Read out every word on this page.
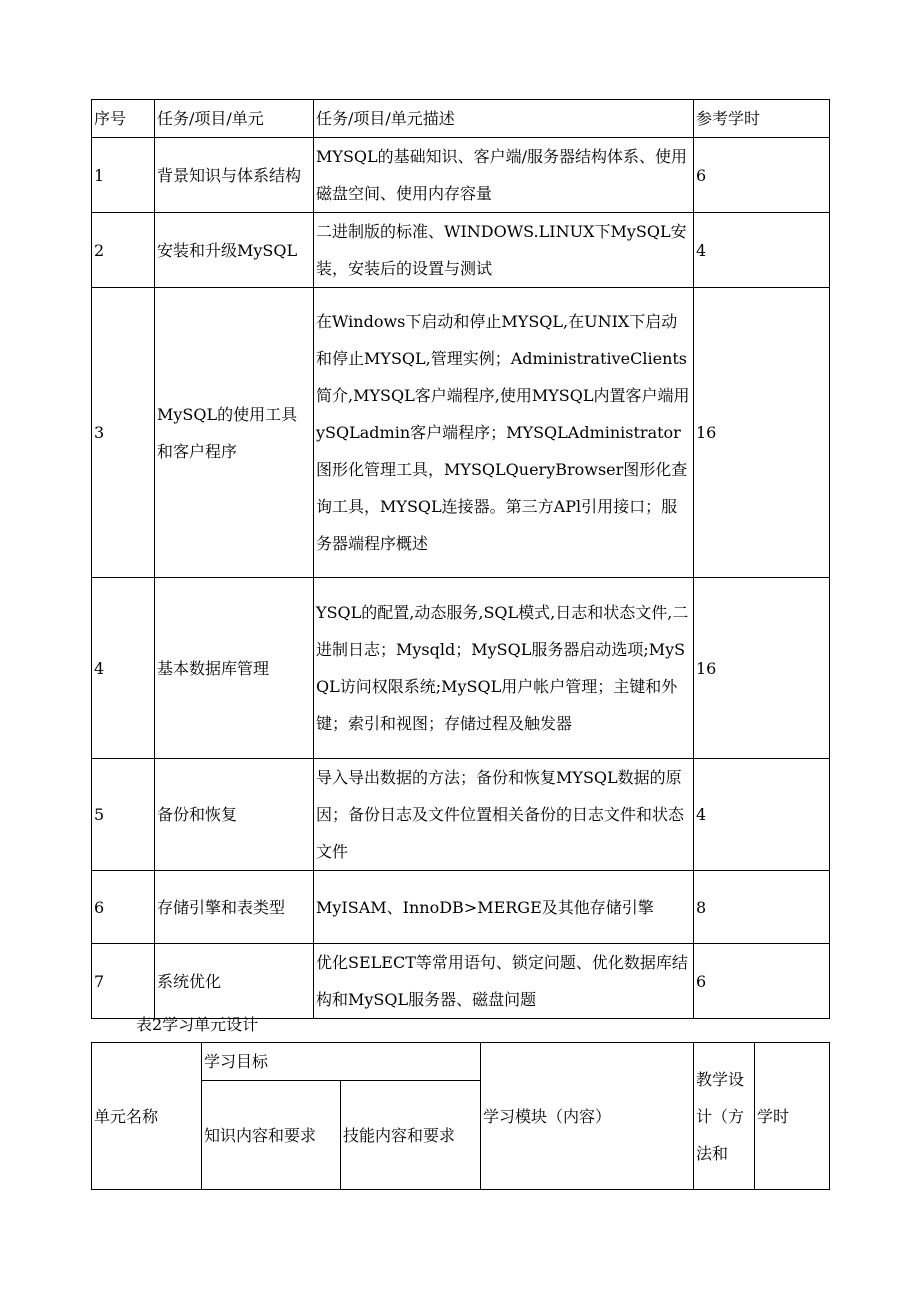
序号	任务/项目/单元	任务/项目/单元描述	参考学时
1	背景知识与体系结构	MYSQL的基础知识、客户端/服务器结构体系、使用磁盘空间、使用内存容量	6
2	安装和升级MySQL	二进制版的标准、WINDOWS.LINUX下MySQL安装，安装后的设置与测试	4
3	MySQL的使用工具和客户程序	在Windows下启动和停止MYSQL,在UNIX下启动和停止MYSQL,管理实例；AdministrativeClients简介,MYSQL客户端程序,使用MYSQL内置客户端用ySQLadmin客户端程序；MYSQLAdministrator图形化管理工具，MYSQLQueryBrowser图形化查询工具，MYSQL连接器。第三方APl引用接口；服务器端程序概述	16
4	基本数据库管理	YSQL的配置,动态服务,SQL模式,日志和状态文件,二进制日志；Mysqld；MySQL服务器启动选项;MySQL访问权限系统;MySQL用户帐户管理；主键和外键；索引和视图；存储过程及触发器	16
5	备份和恢复	导入导出数据的方法；备份和恢复MYSQL数据的原因；备份日志及文件位置相关备份的日志文件和状态文件	4
6	存储引擎和表类型	MyISAM、InnoDB>MERGE及其他存储引擎	8
7	系统优化	优化SELECT等常用语句、锁定问题、优化数据库结构和MySQL服务器、磁盘问题	6
表2学习单元设计
单元名称	学习目标		学习模块（内容）	教学设计（方法和	学时
	知识内容和要求	技能内容和要求			
